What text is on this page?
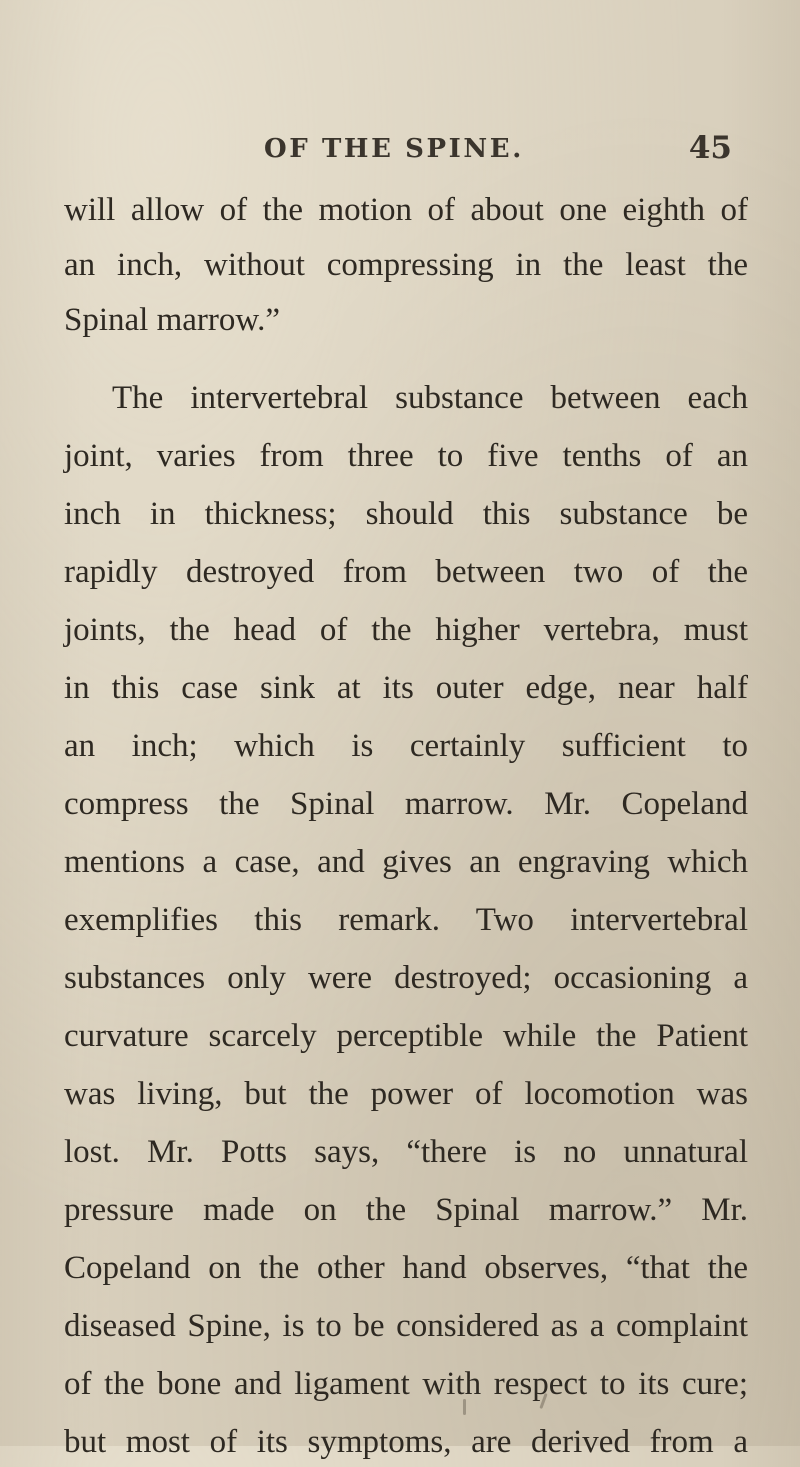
OF THE SPINE.	45
will allow of the motion of about one eighth of
an inch, without compressing in the least the
Spinal marrow.”
The intervertebral substance between each
joint, varies from three to five tenths of an
inch in thickness; should this substance be
rapidly destroyed from between two of the
joints, the head of the higher vertebra, must
in this case sink at its outer edge, near half
an inch; which is certainly sufficient to
compress the Spinal marrow. Mr. Copeland
mentions a case, and gives an engraving which
exemplifies this remark. Two intervertebral
substances only were destroyed; occasioning a
curvature scarcely perceptible while the Patient
was living, but the power of locomotion was
lost. Mr. Potts says, “there is no unnatural
pressure made on the Spinal marrow.” Mr.
Copeland on the other hand observes, “that the
diseased Spine, is to be considered as a complaint
of the bone and ligament with respect to its cure;
but most of its symptoms, are derived from a
